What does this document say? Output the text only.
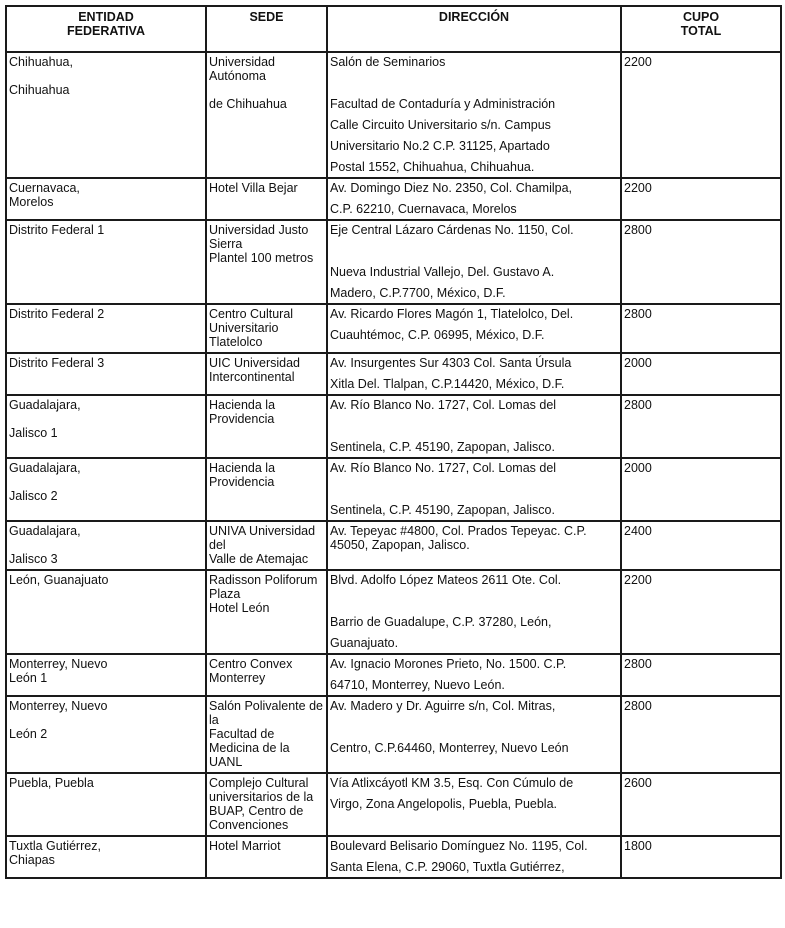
ENTIDAD
FEDERATIVA	SEDE	DIRECCIÓN	CUPO
TOTAL

Chihuahua,
Chihuahua	Universidad Autónoma
de Chihuahua	Salón de Seminarios
Facultad de Contaduría y Administración
Calle Circuito Universitario s/n. Campus
Universitario No.2 C.P. 31125, Apartado
Postal 1552, Chihuahua, Chihuahua.	2200

Cuernavaca,
Morelos	Hotel Villa Bejar	Av. Domingo Diez No. 2350, Col. Chamilpa,
C.P. 62210, Cuernavaca, Morelos	2200

Distrito Federal 1	Universidad Justo Sierra
Plantel 100 metros	Eje Central Lázaro Cárdenas No. 1150, Col.
Nueva Industrial Vallejo, Del. Gustavo A.
Madero, C.P.7700, México, D.F.	2800

Distrito Federal 2	Centro Cultural
Universitario Tlatelolco	Av. Ricardo Flores Magón 1, Tlatelolco, Del.
Cuauhtémoc, C.P. 06995, México, D.F.	2800

Distrito Federal 3	UIC Universidad
Intercontinental	Av. Insurgentes Sur 4303 Col. Santa Úrsula
Xitla Del. Tlalpan, C.P.14420, México, D.F.	2000

Guadalajara,
Jalisco 1	Hacienda la Providencia	Av. Río Blanco No. 1727, Col. Lomas del
Sentinela, C.P. 45190, Zapopan, Jalisco.	2800

Guadalajara,
Jalisco 2	Hacienda la Providencia	Av. Río Blanco No. 1727, Col. Lomas del
Sentinela, C.P. 45190, Zapopan, Jalisco.	2000

Guadalajara,
Jalisco 3	UNIVA Universidad del
Valle de Atemajac	Av. Tepeyac #4800, Col. Prados Tepeyac. C.P. 45050, Zapopan, Jalisco.	2400

León, Guanajuato	Radisson Poliforum Plaza
Hotel León	Blvd. Adolfo López Mateos 2611 Ote. Col.
Barrio de Guadalupe, C.P. 37280, León,
Guanajuato.	2200

Monterrey, Nuevo
León 1	Centro Convex
Monterrey	Av. Ignacio Morones Prieto, No. 1500. C.P.
64710, Monterrey, Nuevo León.	2800

Monterrey, Nuevo
León 2	Salón Polivalente de la
Facultad de Medicina de la UANL	Av. Madero y Dr. Aguirre s/n, Col. Mitras,
Centro, C.P.64460, Monterrey, Nuevo León	2800

Puebla, Puebla	Complejo Cultural
universitarios de la
BUAP, Centro de
Convenciones	Vía Atlixcáyotl KM 3.5, Esq. Con Cúmulo de
Virgo, Zona Angelopolis, Puebla, Puebla.	2600

Tuxtla Gutiérrez,
Chiapas	Hotel Marriot	Boulevard Belisario Domínguez No. 1195, Col.
Santa Elena, C.P. 29060, Tuxtla Gutiérrez,	1800
